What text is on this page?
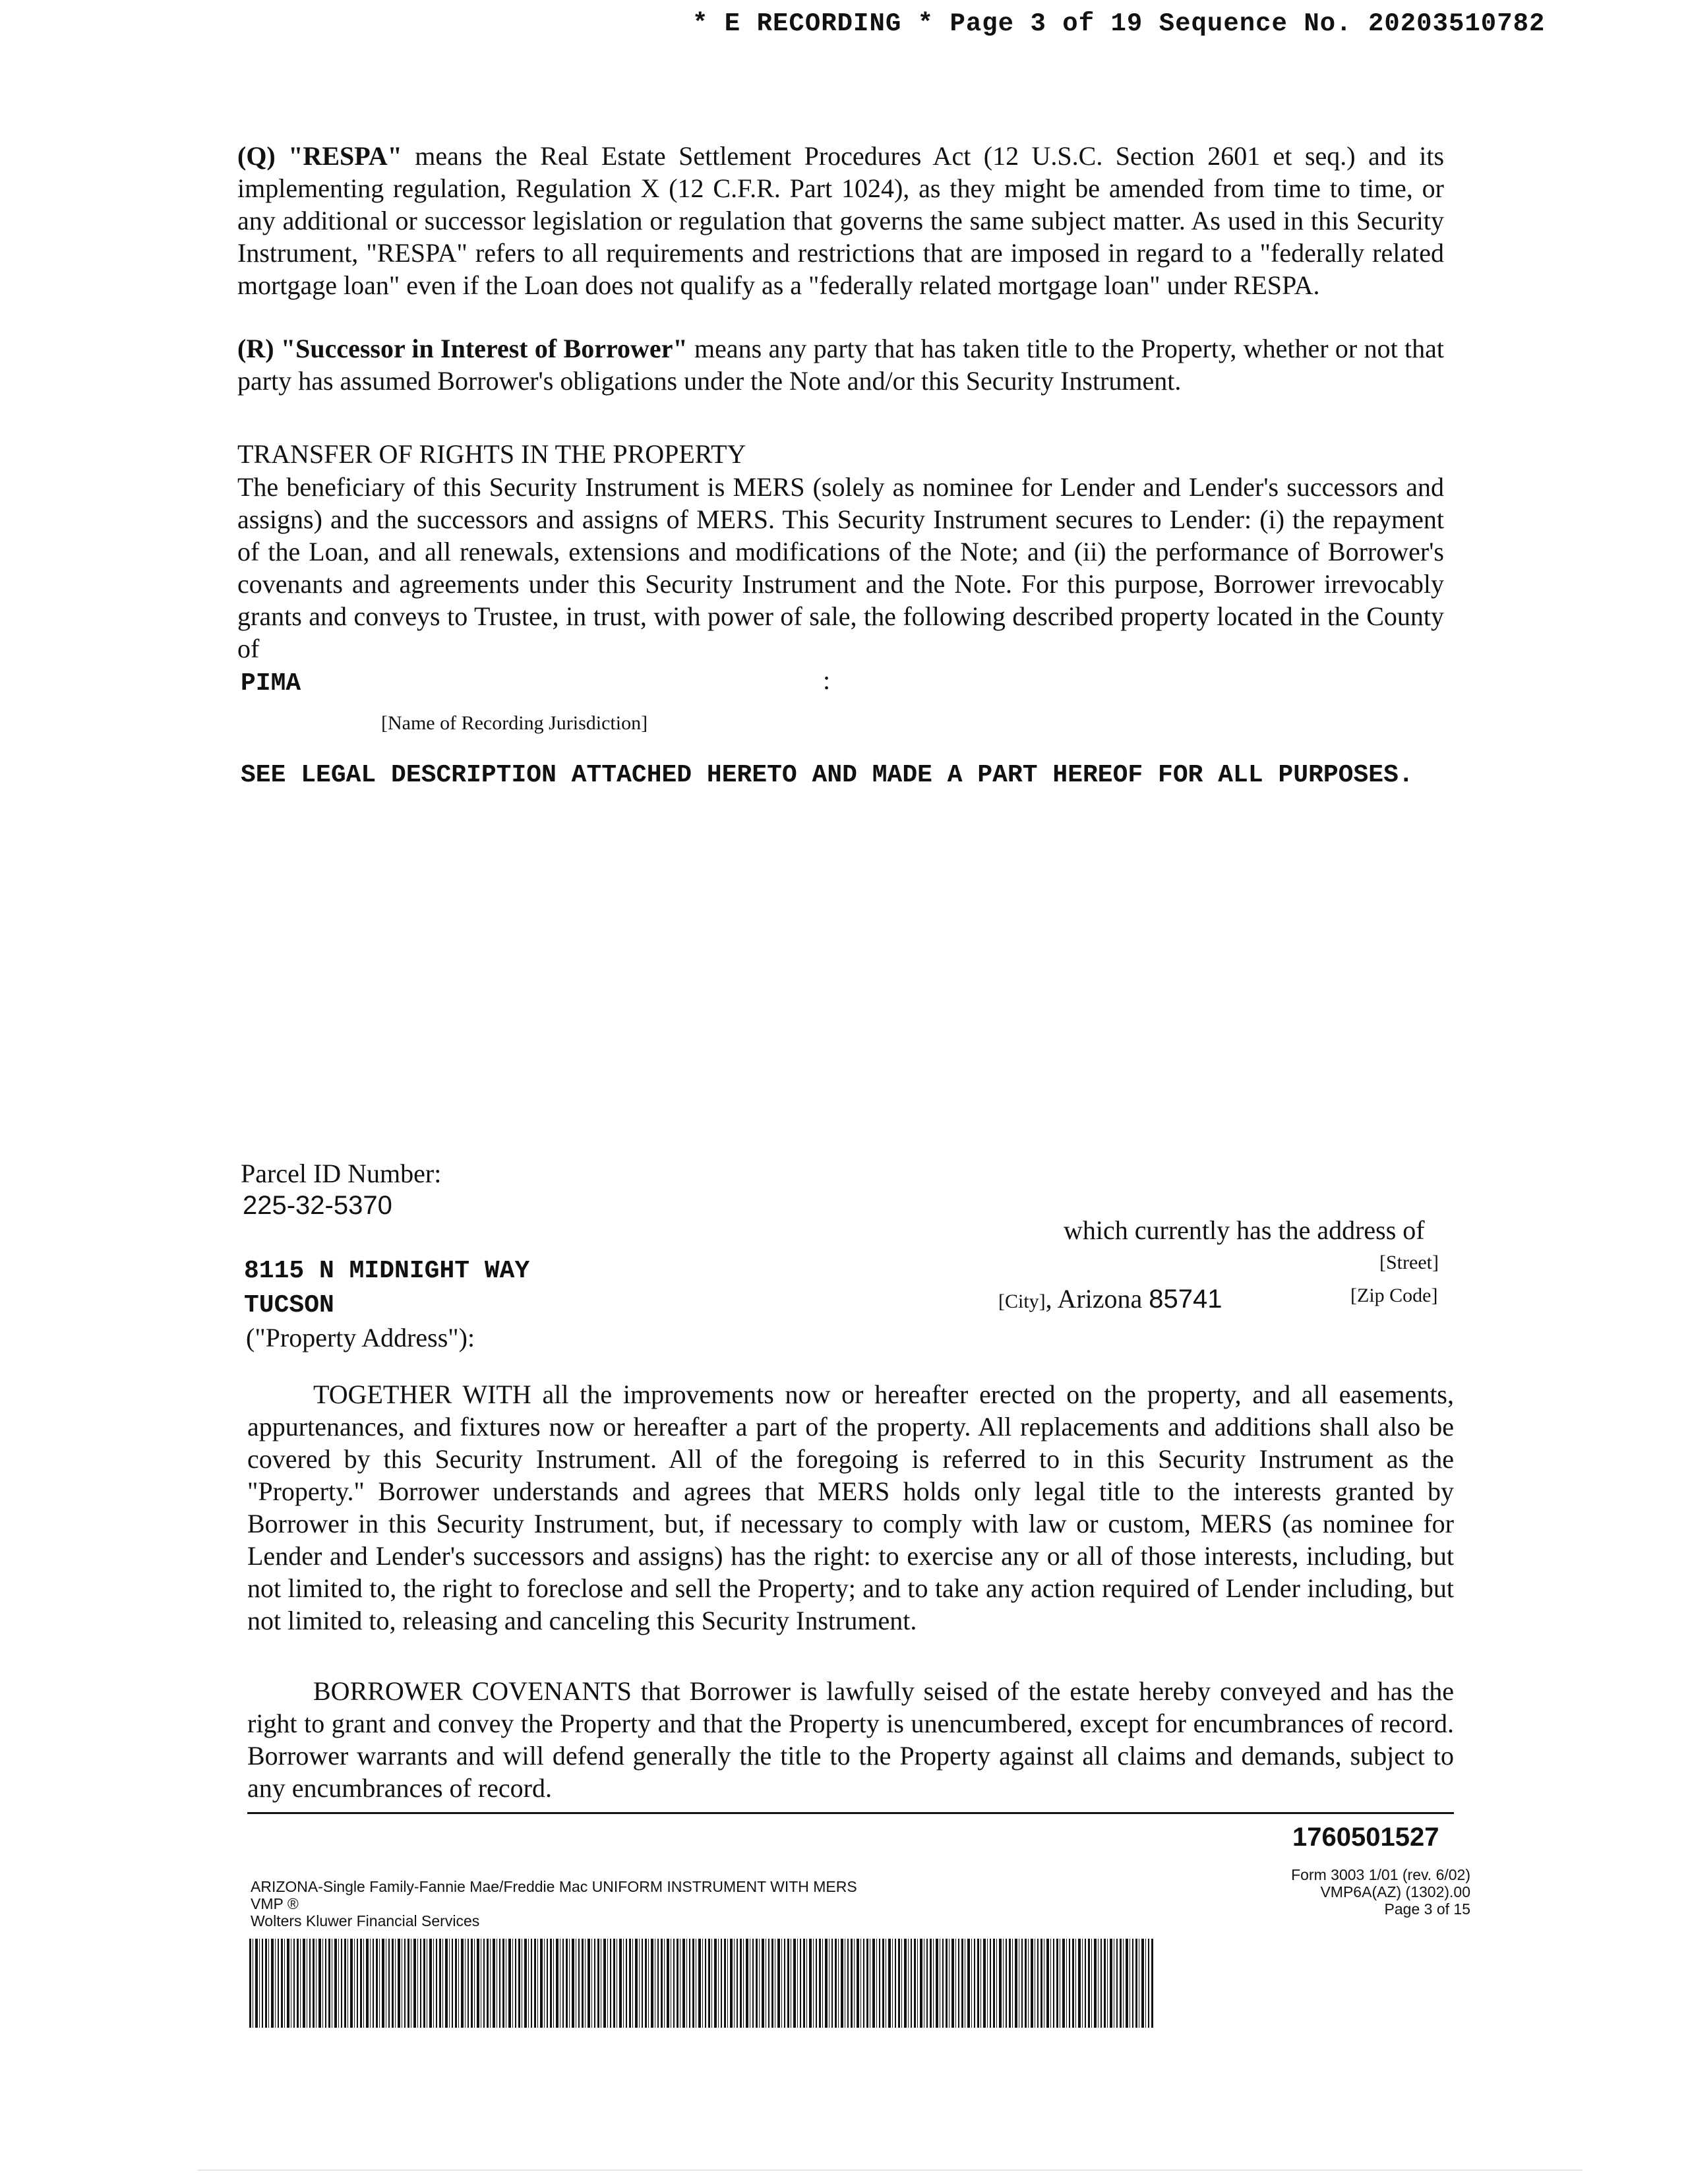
* E RECORDING * Page 3 of 19 Sequence No. 20203510782
(Q) "RESPA" means the Real Estate Settlement Procedures Act (12 U.S.C. Section 2601 et seq.) and its implementing regulation, Regulation X (12 C.F.R. Part 1024), as they might be amended from time to time, or any additional or successor legislation or regulation that governs the same subject matter. As used in this Security Instrument, "RESPA" refers to all requirements and restrictions that are imposed in regard to a "federally related mortgage loan" even if the Loan does not qualify as a "federally related mortgage loan" under RESPA.
(R) "Successor in Interest of Borrower" means any party that has taken title to the Property, whether or not that party has assumed Borrower's obligations under the Note and/or this Security Instrument.
TRANSFER OF RIGHTS IN THE PROPERTY
The beneficiary of this Security Instrument is MERS (solely as nominee for Lender and Lender's successors and assigns) and the successors and assigns of MERS. This Security Instrument secures to Lender: (i) the repayment of the Loan, and all renewals, extensions and modifications of the Note; and (ii) the performance of Borrower's covenants and agreements under this Security Instrument and the Note. For this purpose, Borrower irrevocably grants and conveys to Trustee, in trust, with power of sale, the following described property located in the County of
PIMA	:
[Name of Recording Jurisdiction]
SEE LEGAL DESCRIPTION ATTACHED HERETO AND MADE A PART HEREOF FOR ALL PURPOSES.
Parcel ID Number:
225-32-5370
which currently has the address of
8115 N MIDNIGHT WAY	[Street]
TUCSON	[City], Arizona 85741	[Zip Code]
("Property Address"):
TOGETHER WITH all the improvements now or hereafter erected on the property, and all easements, appurtenances, and fixtures now or hereafter a part of the property. All replacements and additions shall also be covered by this Security Instrument. All of the foregoing is referred to in this Security Instrument as the "Property." Borrower understands and agrees that MERS holds only legal title to the interests granted by Borrower in this Security Instrument, but, if necessary to comply with law or custom, MERS (as nominee for Lender and Lender's successors and assigns) has the right: to exercise any or all of those interests, including, but not limited to, the right to foreclose and sell the Property; and to take any action required of Lender including, but not limited to, releasing and canceling this Security Instrument.
BORROWER COVENANTS that Borrower is lawfully seised of the estate hereby conveyed and has the right to grant and convey the Property and that the Property is unencumbered, except for encumbrances of record. Borrower warrants and will defend generally the title to the Property against all claims and demands, subject to any encumbrances of record.
1760501527
ARIZONA-Single Family-Fannie Mae/Freddie Mac UNIFORM INSTRUMENT WITH MERS
VMP ®
Wolters Kluwer Financial Services
Form 3003 1/01 (rev. 6/02)
VMP6A(AZ) (1302).00
Page 3 of 15
